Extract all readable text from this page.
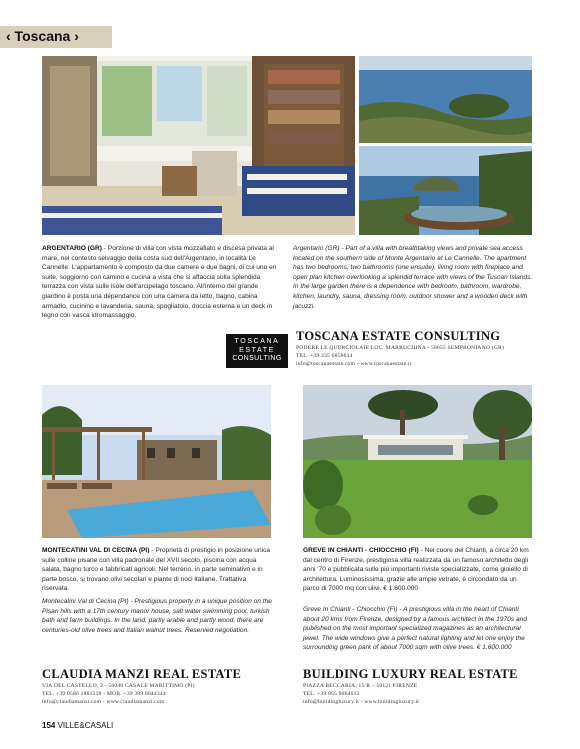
‹ Toscana ›
ARGENTARIO (GR) - Porzione di villa con vista mozzafiato e discesa privata al mare, nel contesto selvaggio della costa sud dell'Argentario, in località Le Cannelle. L'appartamento è composto da due camere e due bagni, di cui uno en suite, soggiorno con camino e cucina a vista che si affaccia sulla splendida terrazza con vista sulle isole dell'arcipelago toscano. All'interno del grande giardino è posta una dépendance con una camera da letto, bagno, cabina armadio, cucinino e lavanderia, sauna, spogliatoio, doccia esterna e un deck in legno con vasca idromassaggio.
Argentario (GR) - Part of a villa with breathtaking views and private sea access located on the southern side of Monte Argentario at Le Cannelle. The apartment has two bedrooms, two bathrooms (one ensuite), living room with fireplace and open plan kitchen overlooking a splendid terrace with views of the Tuscan Islands. In the large garden there is a dependence with bedroom, bathroom, wardrobe, kitchen, laundry, sauna, dressing room, outdoor shower and a wooden deck with jacuzzi.
TOSCANA
ESTATE
CONSULTING
TOSCANA ESTATE CONSULTING
PODERE LE QUERCIOLAIE LOC. MARRUCHINA - 58055 SEMPRONIANO (GR)
TEL. +39 335 6858634
info@toscanaestate.com - www.toscanaestate.it
MONTECATINI VAL DI CECINA (PI) - Proprietà di prestigio in posizione unica sulle colline pisane con villa padronale del XVII secolo, piscina con acqua salata, bagno turco e fabbricati agricoli. Nel terreno, in parte seminativo e in parte bosco, si trovano olivi secolari e piante di noci italiane. Trattativa riservata.
Montecatini Val di Cecina (PI) - Prestigious property in a unique position on the Pisan hills with a 17th century manor house, salt water swimming pool, turkish bath and farm buildings. In the land, partly arable and partly wood, there are centuries-old olive trees and Italian walnut trees. Reserved negotiation.
GREVE IN CHIANTI - CHIOCCHIO (FI) - Nel cuore del Chianti, a circa 20 km dal centro di Firenze, prestigiosa villa realizzata da un famoso architetto degli anni '70 e pubblicata sulle più importanti riviste specializzate, come gioiello di architettura. Luminosissima, grazie alle ampie vetrate, è circondato da un parco di 7000 mq con ulivi. € 1.600.000
Greve In Chianti - Chiocchio (FI) - A prestigious villa in the heart of Chianti about 20 kms from Firenze, designed by a famous architect in the 1970s and published on the most important specialized magazines as an architectural jewel. The wide windows give a perfect natural lighting and let one enjoy the surrounding green park of about 7000 sqm with olive trees. € 1.600.000
CLAUDIA MANZI REAL ESTATE
VIA DEL CASTELLO, 2 - 56040 CASALE MARITTIMO (PI)
TEL. +39 0586 1881218 - MOB. +39 389 6044344
info@claudiamanzi.com - www.claudiamanzi.com
BUILDING LUXURY REAL ESTATE
PIAZZA BECCARIA, 15/R – 50121 FIRENZE
TEL. +39 055 9064012
info@buildingluxury.it - www.buildingluxury.it
154 VILLE&CASALI
